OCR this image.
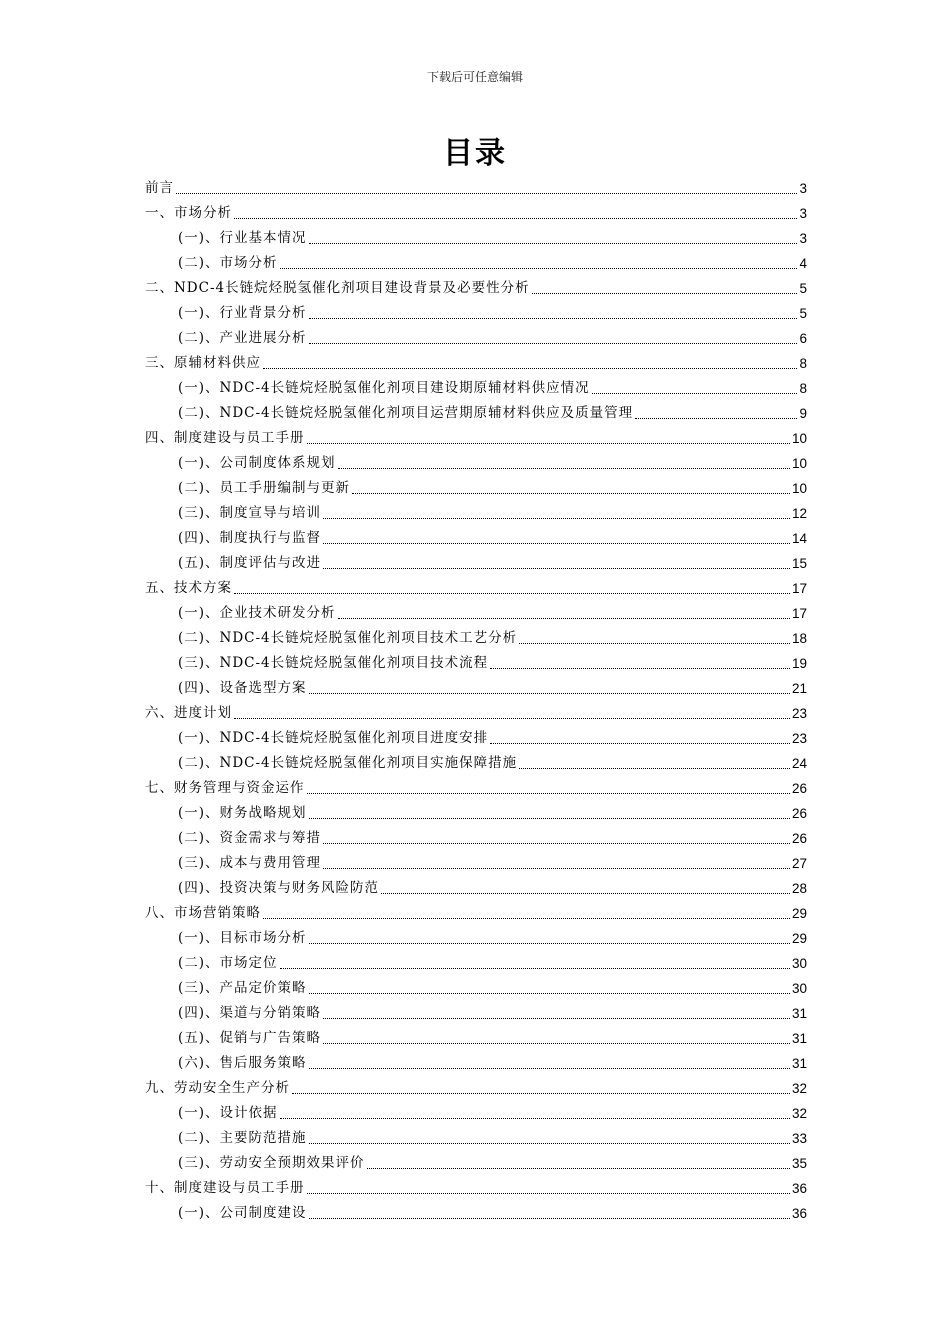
下载后可任意编辑
目录
前言	3
一、市场分析	3
(一)、行业基本情况	3
(二)、市场分析	4
二、NDC-4长链烷烃脱氢催化剂项目建设背景及必要性分析	5
(一)、行业背景分析	5
(二)、产业进展分析	6
三、原辅材料供应	8
(一)、NDC-4长链烷烃脱氢催化剂项目建设期原辅材料供应情况	8
(二)、NDC-4长链烷烃脱氢催化剂项目运营期原辅材料供应及质量管理	9
四、制度建设与员工手册	10
(一)、公司制度体系规划	10
(二)、员工手册编制与更新	10
(三)、制度宣导与培训	12
(四)、制度执行与监督	14
(五)、制度评估与改进	15
五、技术方案	17
(一)、企业技术研发分析	17
(二)、NDC-4长链烷烃脱氢催化剂项目技术工艺分析	18
(三)、NDC-4长链烷烃脱氢催化剂项目技术流程	19
(四)、设备选型方案	21
六、进度计划	23
(一)、NDC-4长链烷烃脱氢催化剂项目进度安排	23
(二)、NDC-4长链烷烃脱氢催化剂项目实施保障措施	24
七、财务管理与资金运作	26
(一)、财务战略规划	26
(二)、资金需求与筹措	26
(三)、成本与费用管理	27
(四)、投资决策与财务风险防范	28
八、市场营销策略	29
(一)、目标市场分析	29
(二)、市场定位	30
(三)、产品定价策略	30
(四)、渠道与分销策略	31
(五)、促销与广告策略	31
(六)、售后服务策略	31
九、劳动安全生产分析	32
(一)、设计依据	32
(二)、主要防范措施	33
(三)、劳动安全预期效果评价	35
十、制度建设与员工手册	36
(一)、公司制度建设	36
